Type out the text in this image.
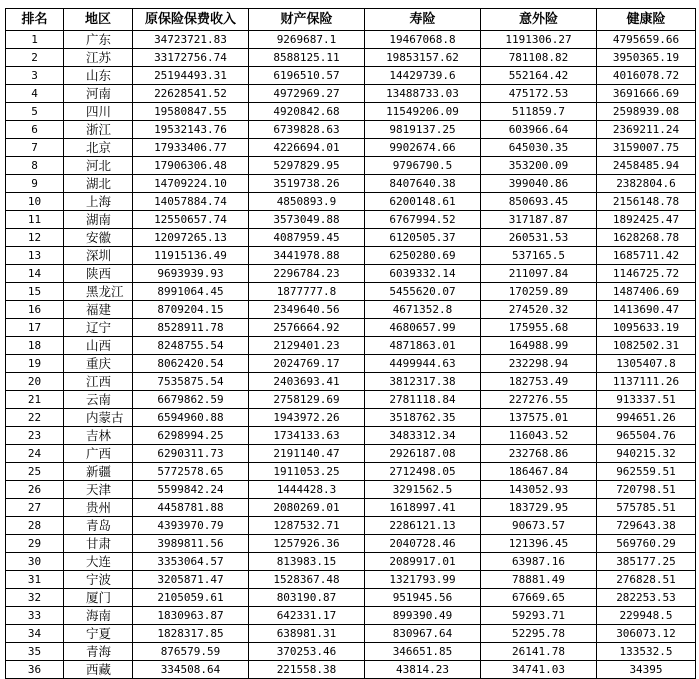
排名	地区	原保险保费收入	财产保险	寿险	意外险	健康险
1	广东	34723721.83	9269687.1	19467068.8	1191306.27	4795659.66
2	江苏	33172756.74	8588125.11	19853157.62	781108.82	3950365.19
3	山东	25194493.31	6196510.57	14429739.6	552164.42	4016078.72
4	河南	22628541.52	4972969.27	13488733.03	475172.53	3691666.69
5	四川	19580847.55	4920842.68	11549206.09	511859.7	2598939.08
6	浙江	19532143.76	6739828.63	9819137.25	603966.64	2369211.24
7	北京	17933406.77	4226694.01	9902674.66	645030.35	3159007.75
8	河北	17906306.48	5297829.95	9796790.5	353200.09	2458485.94
9	湖北	14709224.10	3519738.26	8407640.38	399040.86	2382804.6
10	上海	14057884.74	4850893.9	6200148.61	850693.45	2156148.78
11	湖南	12550657.74	3573049.88	6767994.52	317187.87	1892425.47
12	安徽	12097265.13	4087959.45	6120505.37	260531.53	1628268.78
13	深圳	11915136.49	3441978.88	6250280.69	537165.5	1685711.42
14	陕西	9693939.93	2296784.23	6039332.14	211097.84	1146725.72
15	黑龙江	8991064.45	1877777.8	5455620.07	170259.89	1487406.69
16	福建	8709204.15	2349640.56	4671352.8	274520.32	1413690.47
17	辽宁	8528911.78	2576664.92	4680657.99	175955.68	1095633.19
18	山西	8248755.54	2129401.23	4871863.01	164988.99	1082502.31
19	重庆	8062420.54	2024769.17	4499944.63	232298.94	1305407.8
20	江西	7535875.54	2403693.41	3812317.38	182753.49	1137111.26
21	云南	6679862.59	2758129.69	2781118.84	227276.55	913337.51
22	内蒙古	6594960.88	1943972.26	3518762.35	137575.01	994651.26
23	吉林	6298994.25	1734133.63	3483312.34	116043.52	965504.76
24	广西	6290311.73	2191140.47	2926187.08	232768.86	940215.32
25	新疆	5772578.65	1911053.25	2712498.05	186467.84	962559.51
26	天津	5599842.24	1444428.3	3291562.5	143052.93	720798.51
27	贵州	4458781.88	2080269.01	1618997.41	183729.95	575785.51
28	青岛	4393970.79	1287532.71	2286121.13	90673.57	729643.38
29	甘肃	3989811.56	1257926.36	2040728.46	121396.45	569760.29
30	大连	3353064.57	813983.15	2089917.01	63987.16	385177.25
31	宁波	3205871.47	1528367.48	1321793.99	78881.49	276828.51
32	厦门	2105059.61	803190.87	951945.56	67669.65	282253.53
33	海南	1830963.87	642331.17	899390.49	59293.71	229948.5
34	宁夏	1828317.85	638981.31	830967.64	52295.78	306073.12
35	青海	876579.59	370253.46	346651.85	26141.78	133532.5
36	西藏	334508.64	221558.38	43814.23	34741.03	34395
